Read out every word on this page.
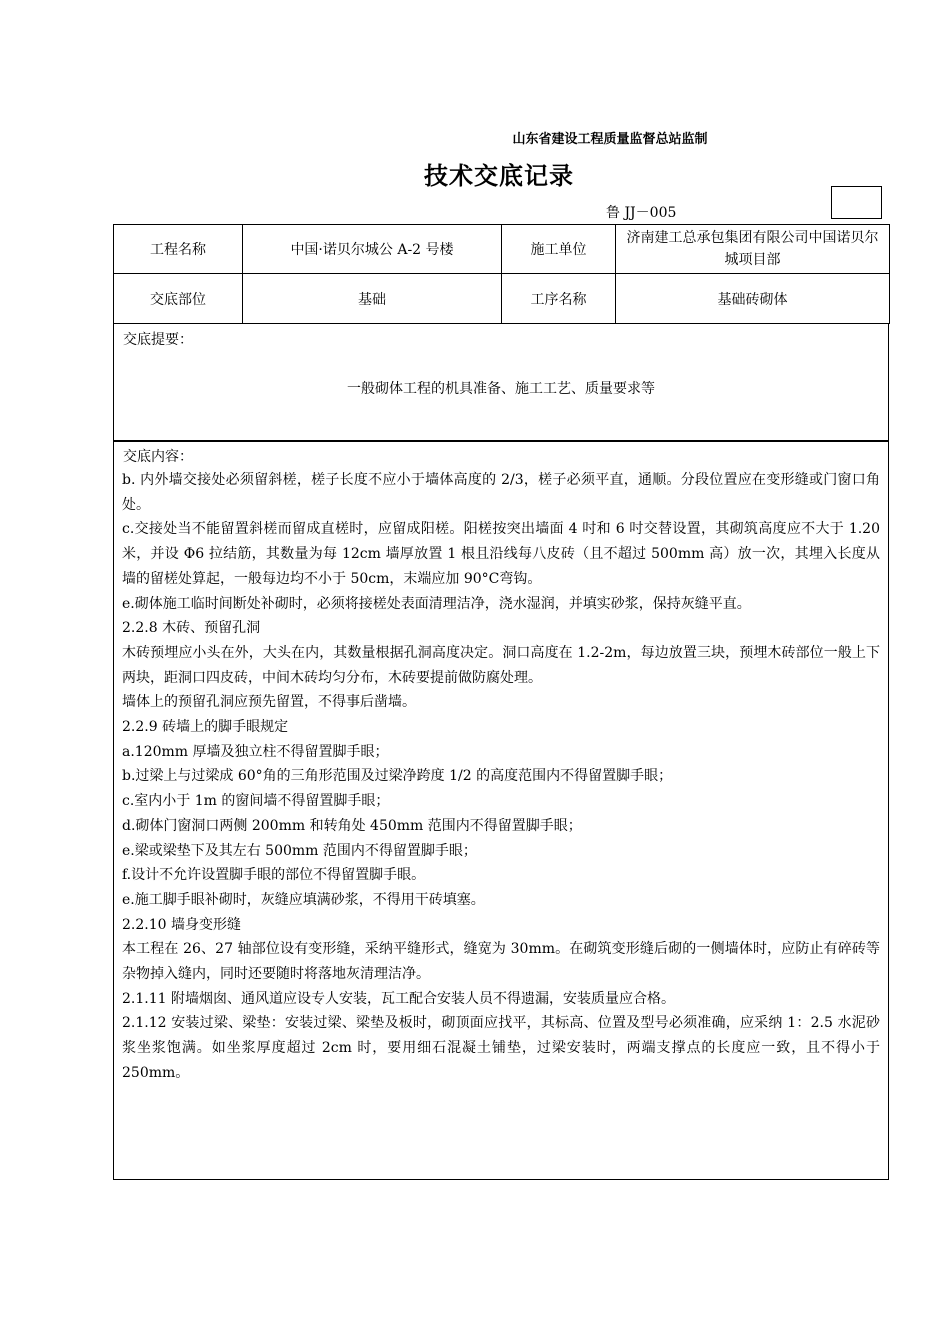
山东省建设工程质量监督总站监制
技术交底记录
鲁 JJ－005
工程名称	中国·诺贝尔城公 A-2 号楼	施工单位	济南建工总承包集团有限公司中国诺贝尔城项目部
交底部位	基础	工序名称	基础砖砌体
交底提要：
一般砌体工程的机具准备、施工工艺、质量要求等
交底内容：

b. 内外墙交接处必须留斜槎，槎子长度不应小于墙体高度的 2/3，槎子必须平直，通顺。分段位置应在变形缝或门窗口角处。

c.交接处当不能留置斜槎而留成直槎时，应留成阳槎。阳槎按突出墙面 4 吋和 6 吋交替设置，其砌筑高度应不大于 1.20 米，并设 Φ6 拉结筋，其数量为每 12cm 墙厚放置 1 根且沿线每八皮砖（且不超过 500mm 高）放一次，其埋入长度从墙的留槎处算起，一般每边均不小于 50cm，末端应加 90°C弯钩。

e.砌体施工临时间断处补砌时，必须将接槎处表面清理洁净，浇水湿润，并填实砂浆，保持灰缝平直。

2.2.8 木砖、预留孔洞

木砖预埋应小头在外，大头在内，其数量根据孔洞高度决定。洞口高度在 1.2-2m，每边放置三块，预埋木砖部位一般上下两块，距洞口四皮砖，中间木砖均匀分布，木砖要提前做防腐处理。

墙体上的预留孔洞应预先留置，不得事后凿墙。

2.2.9 砖墙上的脚手眼规定

a.120mm 厚墙及独立柱不得留置脚手眼；

b.过梁上与过梁成 60°角的三角形范围及过梁净跨度 1/2 的高度范围内不得留置脚手眼；

c.室内小于 1m 的窗间墙不得留置脚手眼；

d.砌体门窗洞口两侧 200mm 和转角处 450mm 范围内不得留置脚手眼；

e.梁或梁垫下及其左右 500mm 范围内不得留置脚手眼；

f.设计不允许设置脚手眼的部位不得留置脚手眼。

e.施工脚手眼补砌时，灰缝应填满砂浆，不得用干砖填塞。

2.2.10 墙身变形缝

本工程在 26、27 轴部位设有变形缝，采纳平缝形式，缝宽为 30mm。在砌筑变形缝后砌的一侧墙体时，应防止有碎砖等杂物掉入缝内，同时还要随时将落地灰清理洁净。

2.1.11 附墙烟囱、通风道应设专人安装，瓦工配合安装人员不得遗漏，安装质量应合格。

2.1.12 安装过梁、梁垫：安装过梁、梁垫及板时，砌顶面应找平，其标高、位置及型号必须准确，应采纳 1：2.5 水泥砂浆坐浆饱满。如坐浆厚度超过 2cm 时，要用细石混凝土铺垫，过梁安装时，两端支撑点的长度应一致，且不得小于 250mm。
